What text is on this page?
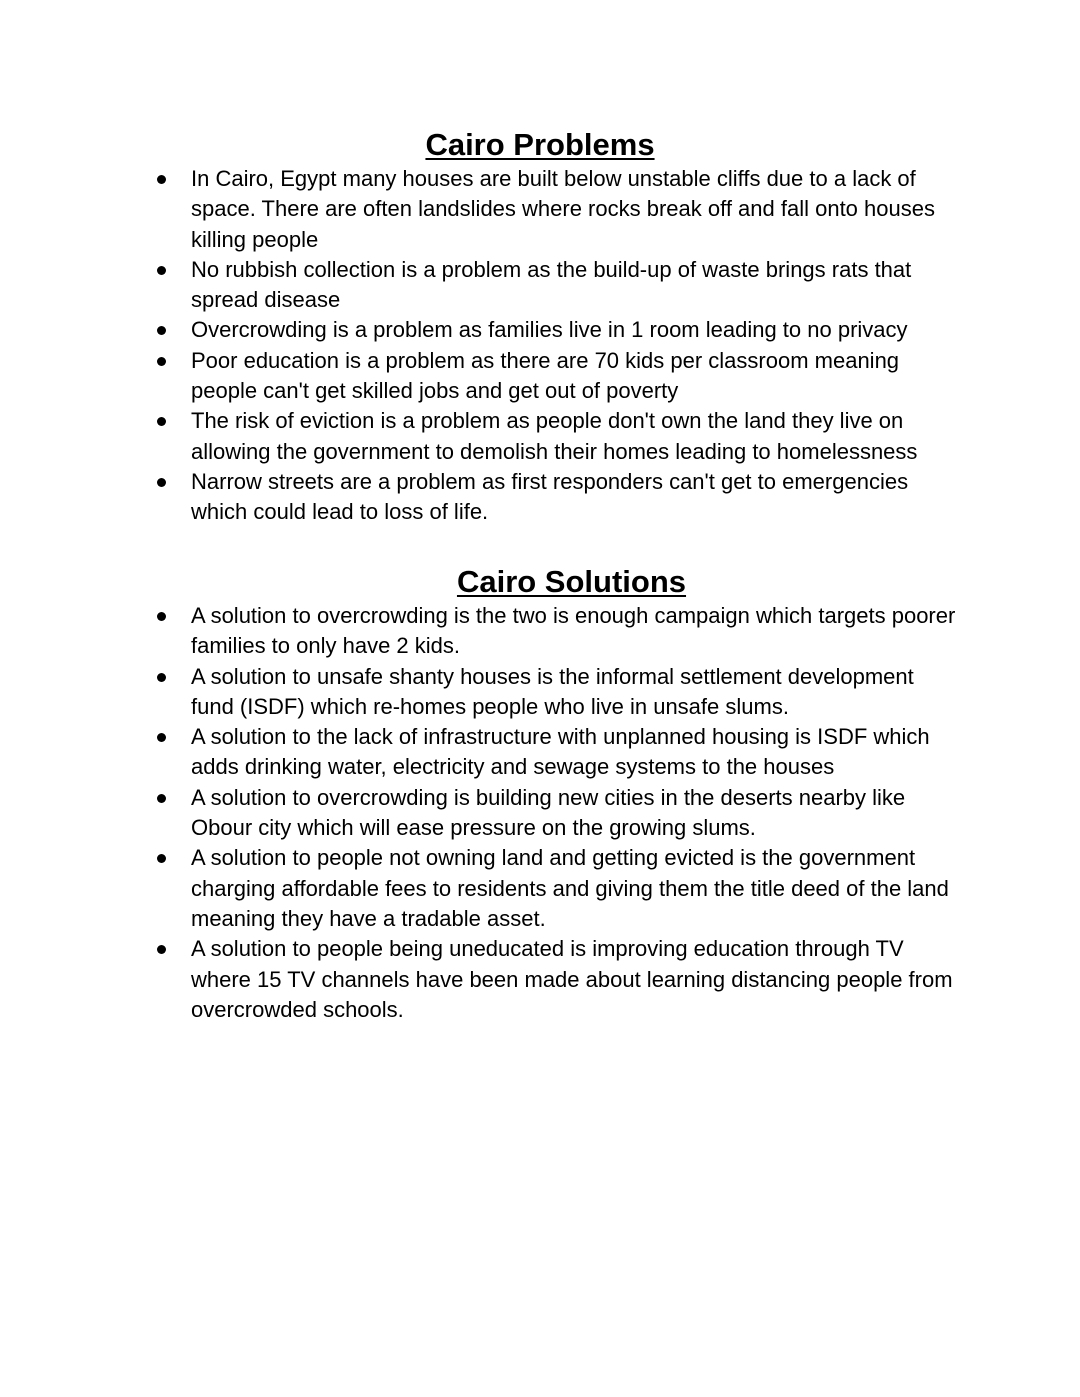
Cairo Problems
In Cairo, Egypt many houses are built below unstable cliffs due to a lack of space. There are often landslides where rocks break off and fall onto houses killing people
No rubbish collection is a problem as the build-up of waste brings rats that spread disease
Overcrowding is a problem as families live in 1 room leading to no privacy
Poor education is a problem as there are 70 kids per classroom meaning people can't get skilled jobs and get out of poverty
The risk of eviction is a problem as people don't own the land they live on allowing the government to demolish their homes leading to homelessness
Narrow streets are a problem as first responders can't get to emergencies which could lead to loss of life.
Cairo Solutions
A solution to overcrowding is the two is enough campaign which targets poorer families to only have 2 kids.
A solution to unsafe shanty houses is the informal settlement development fund (ISDF) which re-homes people who live in unsafe slums.
A solution to the lack of infrastructure with unplanned housing is ISDF which adds drinking water, electricity and sewage systems to the houses
A solution to overcrowding is building new cities in the deserts nearby like Obour city which will ease pressure on the growing slums.
A solution to people not owning land and getting evicted is the government charging affordable fees to residents and giving them the title deed of the land meaning they have a tradable asset.
A solution to people being uneducated is improving education through TV where 15 TV channels have been made about learning distancing people from overcrowded schools.
